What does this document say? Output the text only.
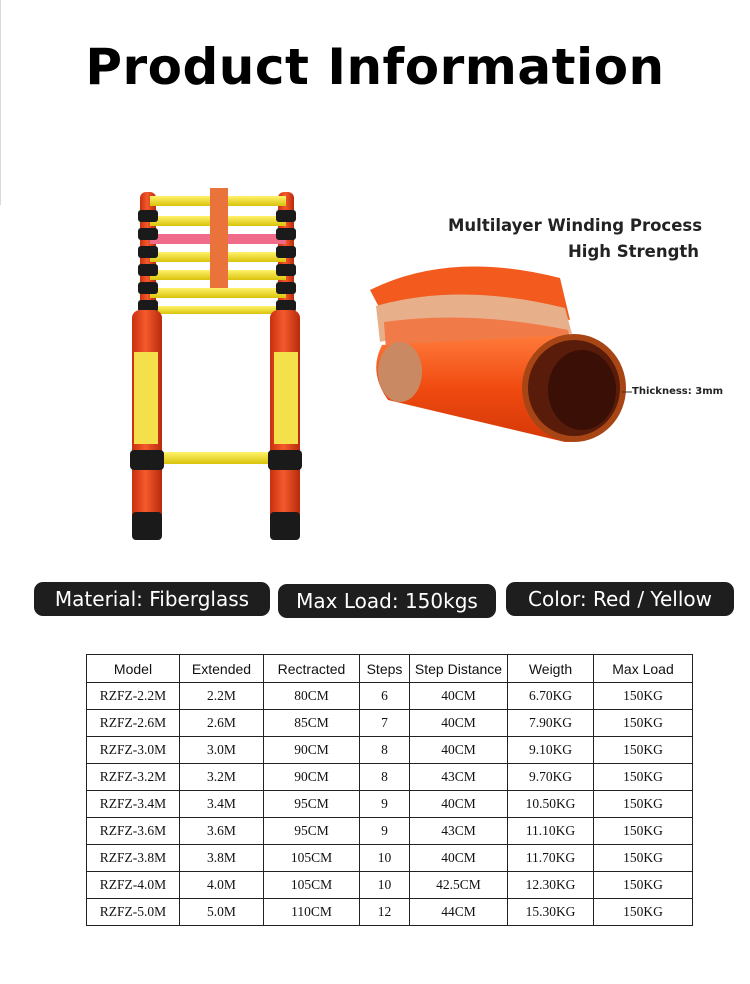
Product Information
Multilayer Winding Process
High Strength
Thickness: 3mm
Material: Fiberglass	Max Load: 150kgs	Color: Red / Yellow
Model	Extended	Rectracted	Steps	Step Distance	Weigth	Max Load
RZFZ-2.2M	2.2M	80CM	6	40CM	6.70KG	150KG
RZFZ-2.6M	2.6M	85CM	7	40CM	7.90KG	150KG
RZFZ-3.0M	3.0M	90CM	8	40CM	9.10KG	150KG
RZFZ-3.2M	3.2M	90CM	8	43CM	9.70KG	150KG
RZFZ-3.4M	3.4M	95CM	9	40CM	10.50KG	150KG
RZFZ-3.6M	3.6M	95CM	9	43CM	11.10KG	150KG
RZFZ-3.8M	3.8M	105CM	10	40CM	11.70KG	150KG
RZFZ-4.0M	4.0M	105CM	10	42.5CM	12.30KG	150KG
RZFZ-5.0M	5.0M	110CM	12	44CM	15.30KG	150KG
